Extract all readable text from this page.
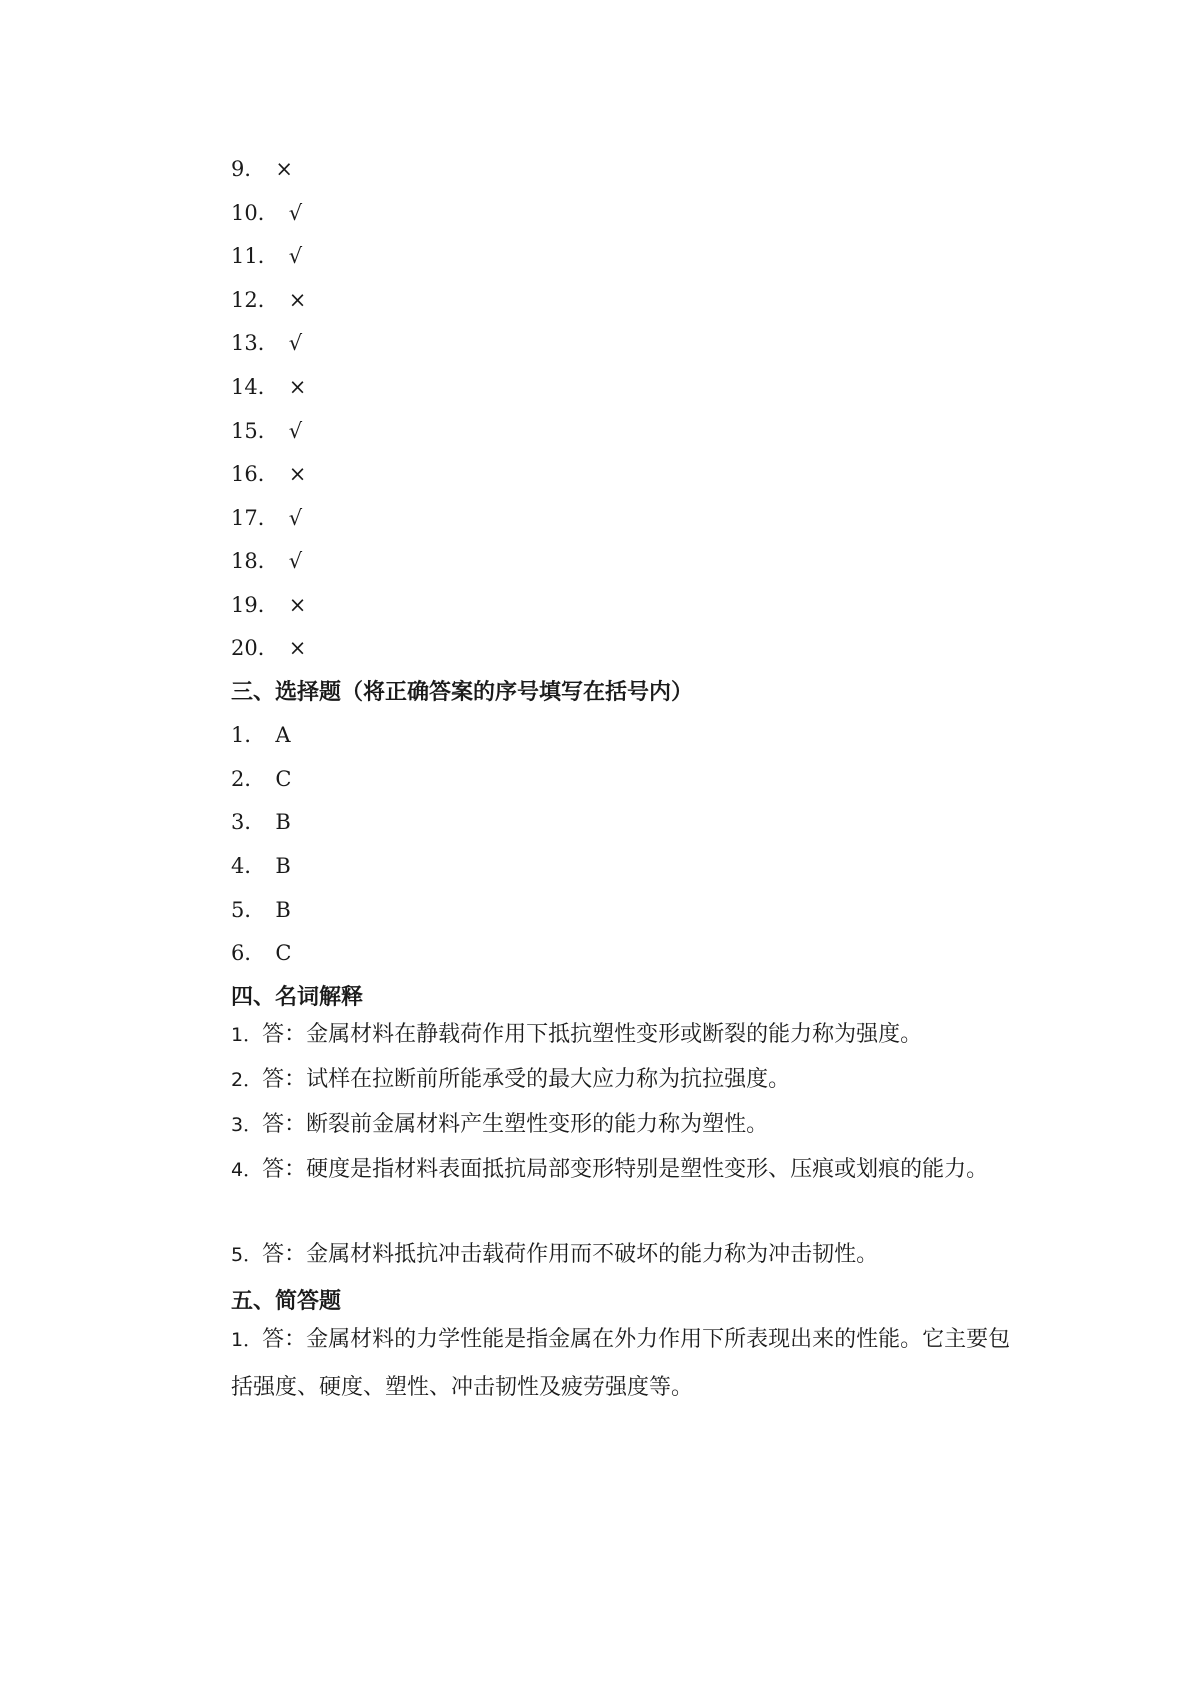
9． ×
10． √
11． √
12． ×
13． √
14． ×
15． √
16． ×
17． √
18． √
19． ×
20． ×
三、选择题（将正确答案的序号填写在括号内）
1． A
2． C
3． B
4． B
5． B
6． C
四、名词解释
1．答：金属材料在静载荷作用下抵抗塑性变形或断裂的能力称为强度。
2．答：试样在拉断前所能承受的最大应力称为抗拉强度。
3．答：断裂前金属材料产生塑性变形的能力称为塑性。
4．答：硬度是指材料表面抵抗局部变形特别是塑性变形、压痕或划痕的能力。
5．答：金属材料抵抗冲击载荷作用而不破坏的能力称为冲击韧性。
五、简答题
1．答：金属材料的力学性能是指金属在外力作用下所表现出来的性能。它主要包括强度、硬度、塑性、冲击韧性及疲劳强度等。
